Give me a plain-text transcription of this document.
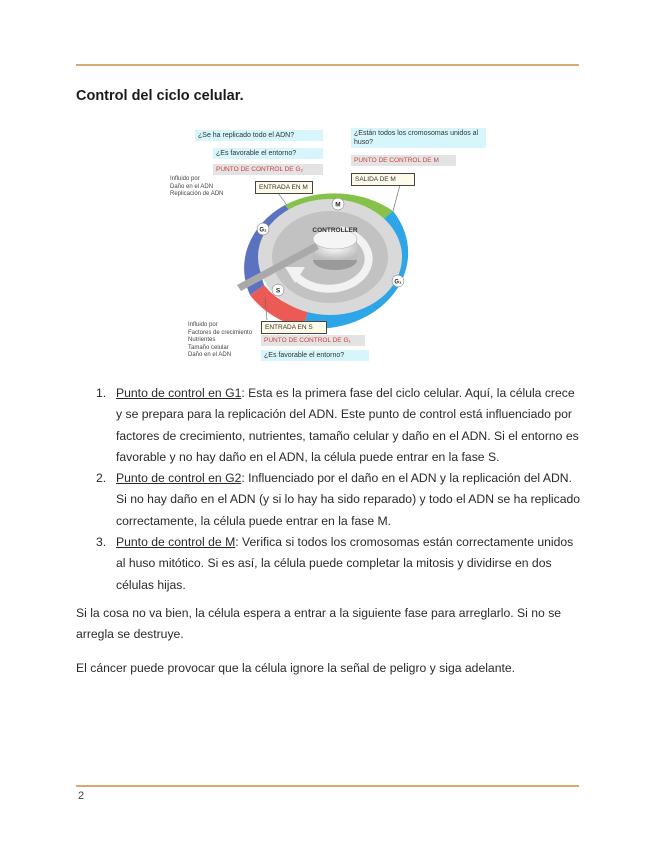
Control del ciclo celular.
CONTROLLER
M
G₂
S
G₁
¿Se ha replicado todo el ADN?
¿Es favorable el entorno?
PUNTO DE CONTROL DE G₂
Influido por
Daño en el ADN
Replicación de ADN
ENTRADA EN M
¿Están todos los cromosomas unidos al huso?
PUNTO DE CONTROL DE M
SALIDA DE M
Influido por
Factores de crecimiento
Nutrientes
Tamaño celular
Daño en el ADN
ENTRADA EN S
PUNTO DE CONTROL DE G₁
¿Es favorable el entorno?
1. Punto de control en G1: Esta es la primera fase del ciclo celular. Aquí, la célula crece y se prepara para la replicación del ADN. Este punto de control está influenciado por factores de crecimiento, nutrientes, tamaño celular y daño en el ADN. Si el entorno es favorable y no hay daño en el ADN, la célula puede entrar en la fase S.
2. Punto de control en G2: Influenciado por el daño en el ADN y la replicación del ADN. Si no hay daño en el ADN (y si lo hay ha sido reparado) y todo el ADN se ha replicado correctamente, la célula puede entrar en la fase M.
3. Punto de control de M: Verifica si todos los cromosomas están correctamente unidos al huso mitótico. Si es así, la célula puede completar la mitosis y dividirse en dos células hijas.

Si la cosa no va bien, la célula espera a entrar a la siguiente fase para arreglarlo. Si no se arregla se destruye.

El cáncer puede provocar que la célula ignore la señal de peligro y siga adelante.

2
